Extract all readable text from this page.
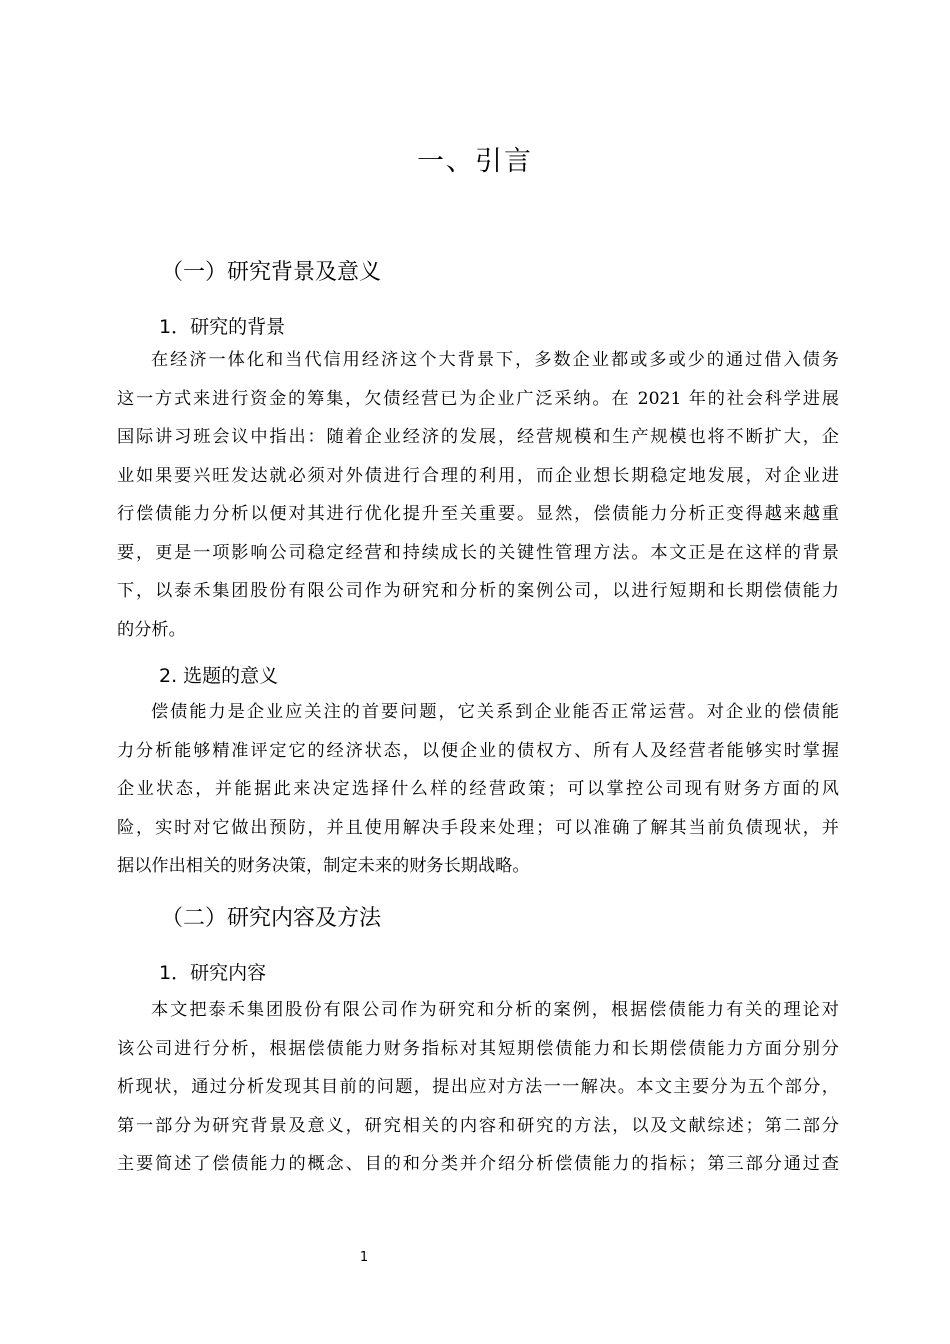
一、引言
（一）研究背景及意义
1．研究的背景
在经济一体化和当代信用经济这个大背景下，多数企业都或多或少的通过借入债务
这一方式来进行资金的筹集，欠债经营已为企业广泛采纳。在 2021 年的社会科学进展
国际讲习班会议中指出：随着企业经济的发展，经营规模和生产规模也将不断扩大，企
业如果要兴旺发达就必须对外债进行合理的利用，而企业想长期稳定地发展，对企业进
行偿债能力分析以便对其进行优化提升至关重要。显然，偿债能力分析正变得越来越重
要，更是一项影响公司稳定经营和持续成长的关键性管理方法。本文正是在这样的背景
下，以泰禾集团股份有限公司作为研究和分析的案例公司，以进行短期和长期偿债能力
的分析。
2. 选题的意义
偿债能力是企业应关注的首要问题，它关系到企业能否正常运营。对企业的偿债能
力分析能够精准评定它的经济状态，以便企业的债权方、所有人及经营者能够实时掌握
企业状态，并能据此来决定选择什么样的经营政策；可以掌控公司现有财务方面的风
险，实时对它做出预防，并且使用解决手段来处理；可以准确了解其当前负债现状，并
据以作出相关的财务决策，制定未来的财务长期战略。
（二）研究内容及方法
1．研究内容
本文把泰禾集团股份有限公司作为研究和分析的案例，根据偿债能力有关的理论对
该公司进行分析，根据偿债能力财务指标对其短期偿债能力和长期偿债能力方面分别分
析现状，通过分析发现其目前的问题，提出应对方法一一解决。本文主要分为五个部分，
第一部分为研究背景及意义，研究相关的内容和研究的方法，以及文献综述；第二部分
主要简述了偿债能力的概念、目的和分类并介绍分析偿债能力的指标；第三部分通过查
1
